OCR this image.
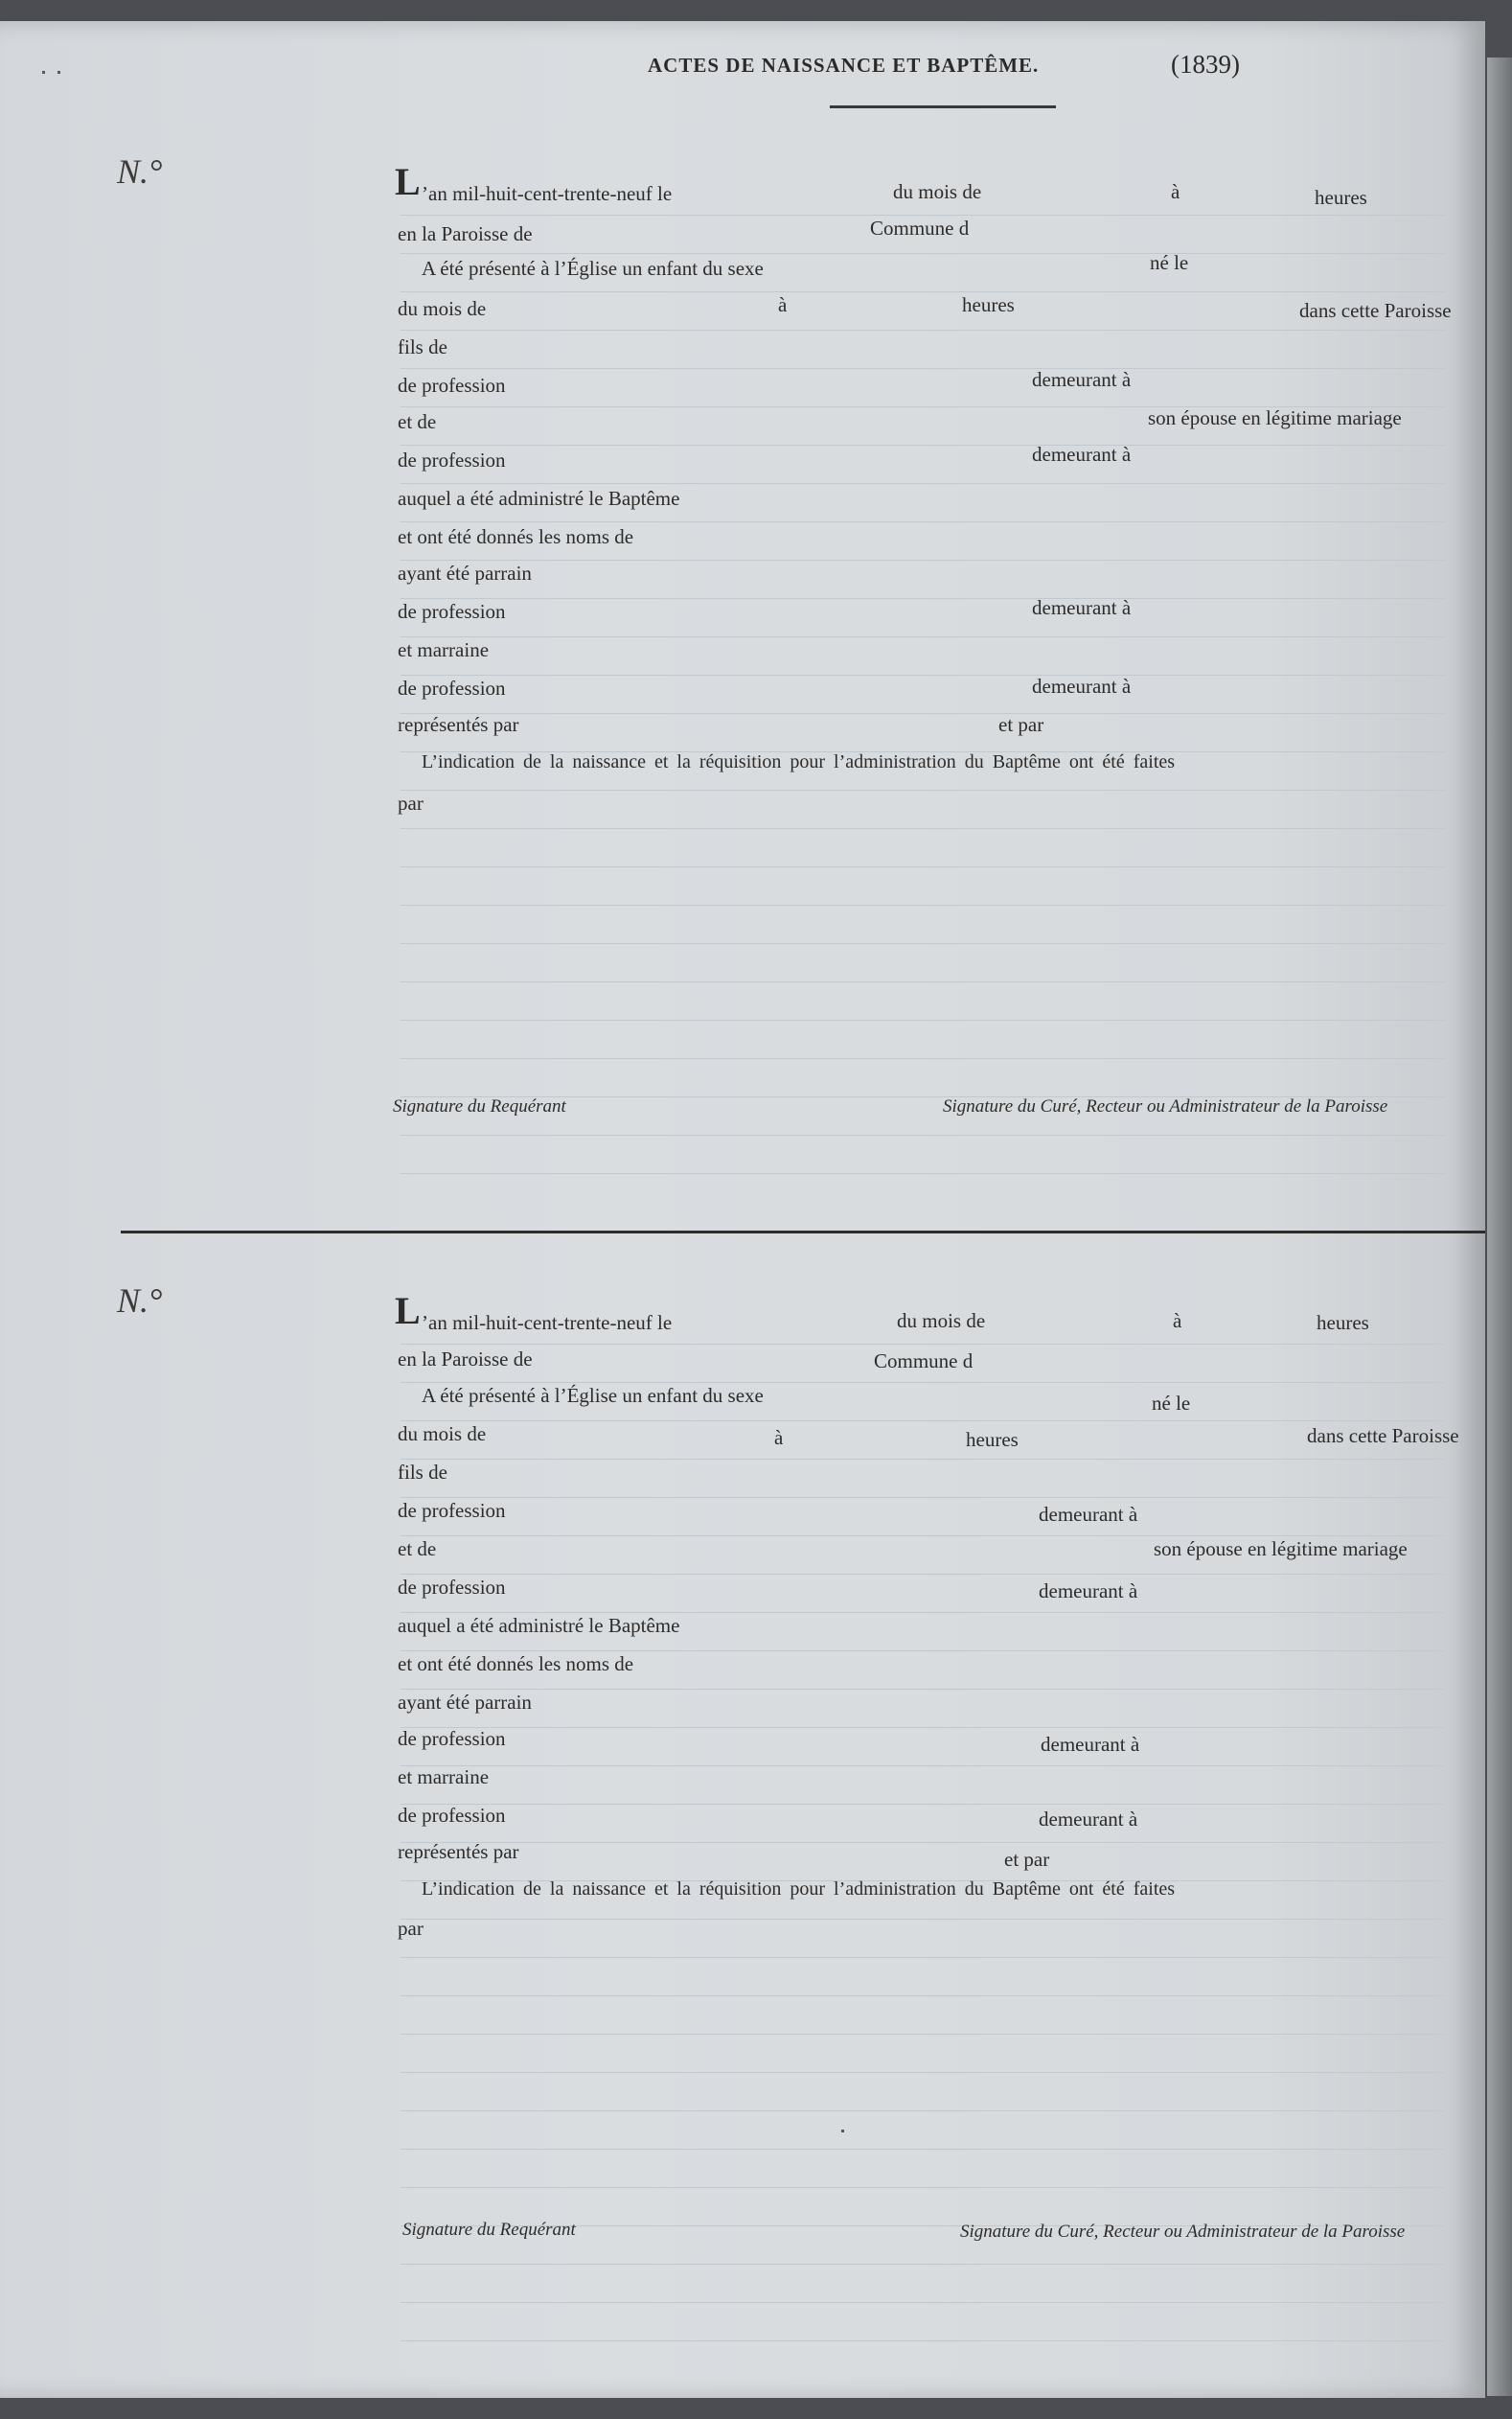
ACTES DE NAISSANCE ET BAPTÊME.	(1839)
N.°	L ’an mil-huit-cent-trente-neuf le	du mois de	à	heures
en la Paroisse de	Commune d
A été présenté à l’Église un enfant du sexe	né le
du mois de	à	heures	dans cette Paroisse
fils de
de profession	demeurant à
et de	son épouse en légitime mariage
de profession	demeurant à
auquel a été administré le Baptême
et ont été donnés les noms de
ayant été parrain
de profession	demeurant à
et marraine
de profession	demeurant à
représentés par	et par
L’indication de la naissance et la réquisition pour l’administration du Baptême ont été faites
par
Signature du Requérant	Signature du Curé, Recteur ou Administrateur de la Paroisse
N.°	L ’an mil-huit-cent-trente-neuf le	du mois de	à	heures
en la Paroisse de	Commune d
A été présenté à l’Église un enfant du sexe	né le
du mois de	à	heures	dans cette Paroisse
fils de
de profession	demeurant à
et de	son épouse en légitime mariage
de profession	demeurant à
auquel a été administré le Baptême
et ont été donnés les noms de
ayant été parrain
de profession	demeurant à
et marraine
de profession	demeurant à
représentés par	et par
L’indication de la naissance et la réquisition pour l’administration du Baptême ont été faites
par
Signature du Requérant	Signature du Curé, Recteur ou Administrateur de la Paroisse
